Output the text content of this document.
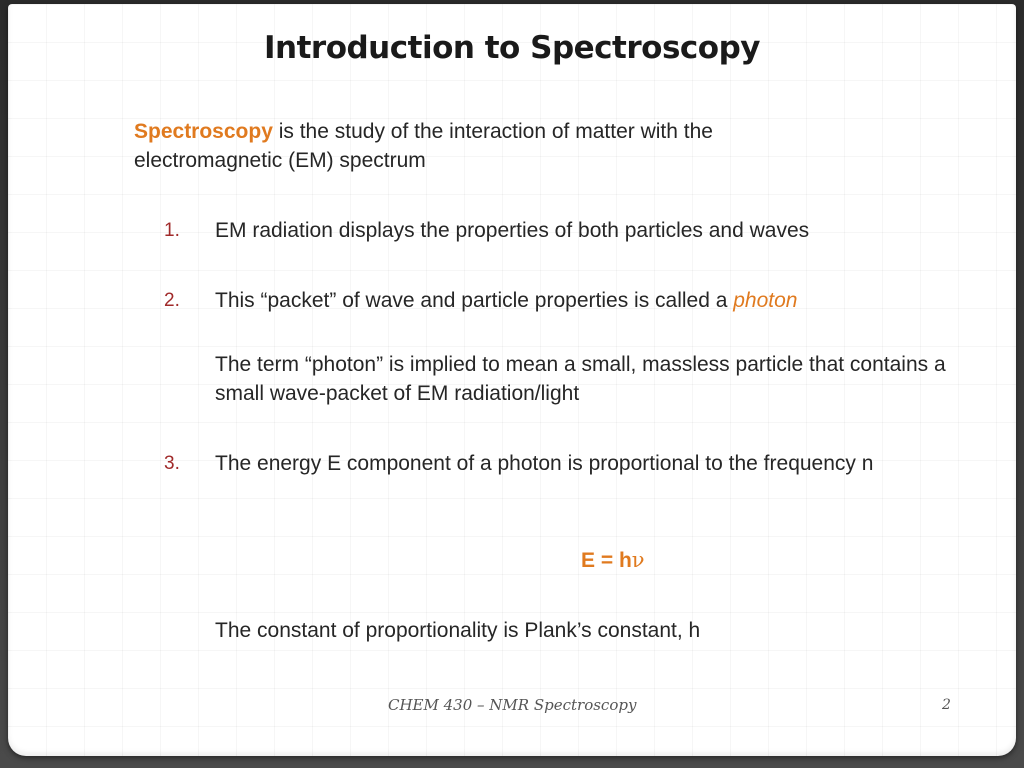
Introduction to Spectroscopy
Spectroscopy is the study of the interaction of matter with the electromagnetic (EM) spectrum
1. EM radiation displays the properties of both particles and waves
2. This “packet” of wave and particle properties is called a photon
The term “photon” is implied to mean a small, massless particle that contains a small wave-packet of EM radiation/light
3. The energy E component of a photon is proportional to the frequency n
E = hν
The constant of proportionality is Plank’s constant, h
CHEM 430 – NMR Spectroscopy	2
